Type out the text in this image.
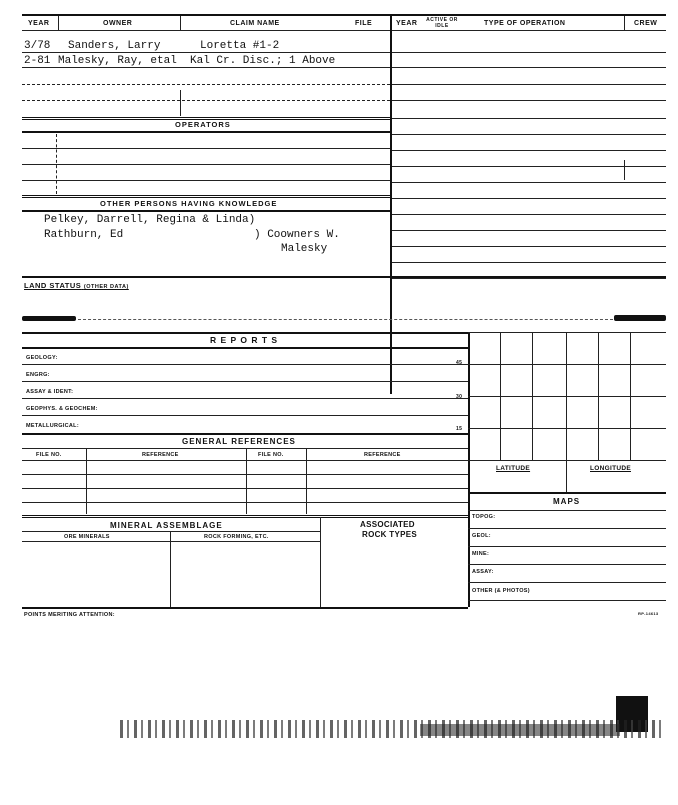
YEAR	OWNER	CLAIM NAME	FILE	YEAR ACTIVE OR IDLE	TYPE OF OPERATION	CREW
3/78 Sanders, Larry	Loretta #1-2
2-81 Malesky, Ray, etal Kal Cr. Disc.; 1 Above
OPERATORS
OTHER PERSONS HAVING KNOWLEDGE
Pelkey, Darrell, Regina & Linda)
Rathburn, Ed	) Coowners W.
Malesky
LAND STATUS (OTHER DATA)
R E P O R T S
GEOLOGY:
ENGRG:
ASSAY & IDENT:
GEOPHYS. & GEOCHEM:
METALLURGICAL:
45
30
15
GENERAL REFERENCES
FILE NO.	REFERENCE	FILE NO.	REFERENCE
MINERAL ASSEMBLAGE
ORE MINERALS	ROCK FORMING, ETC.
ASSOCIATED
ROCK TYPES
POINTS MERITING ATTENTION:	RP-14613
LATITUDE	LONGITUDE
MAPS
TOPOG:
GEOL:
MINE:
ASSAY:
OTHER (& PHOTOS)
